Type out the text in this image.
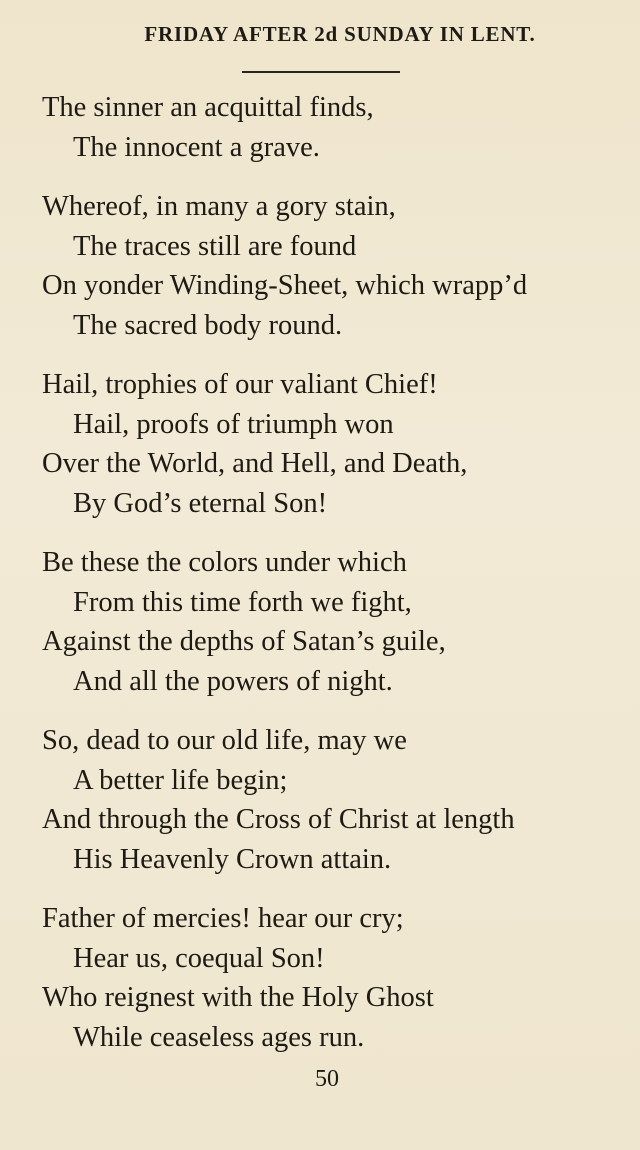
FRIDAY AFTER 2d SUNDAY IN LENT.
The sinner an acquittal finds,
The innocent a grave.
Whereof, in many a gory stain,
The traces still are found
On yonder Winding-Sheet, which wrapp’d
The sacred body round.
Hail, trophies of our valiant Chief!
Hail, proofs of triumph won
Over the World, and Hell, and Death,
By God’s eternal Son!
Be these the colors under which
From this time forth we fight,
Against the depths of Satan’s guile,
And all the powers of night.
So, dead to our old life, may we
A better life begin;
And through the Cross of Christ at length
His Heavenly Crown attain.
Father of mercies! hear our cry;
Hear us, coequal Son!
Who reignest with the Holy Ghost
While ceaseless ages run.
50
